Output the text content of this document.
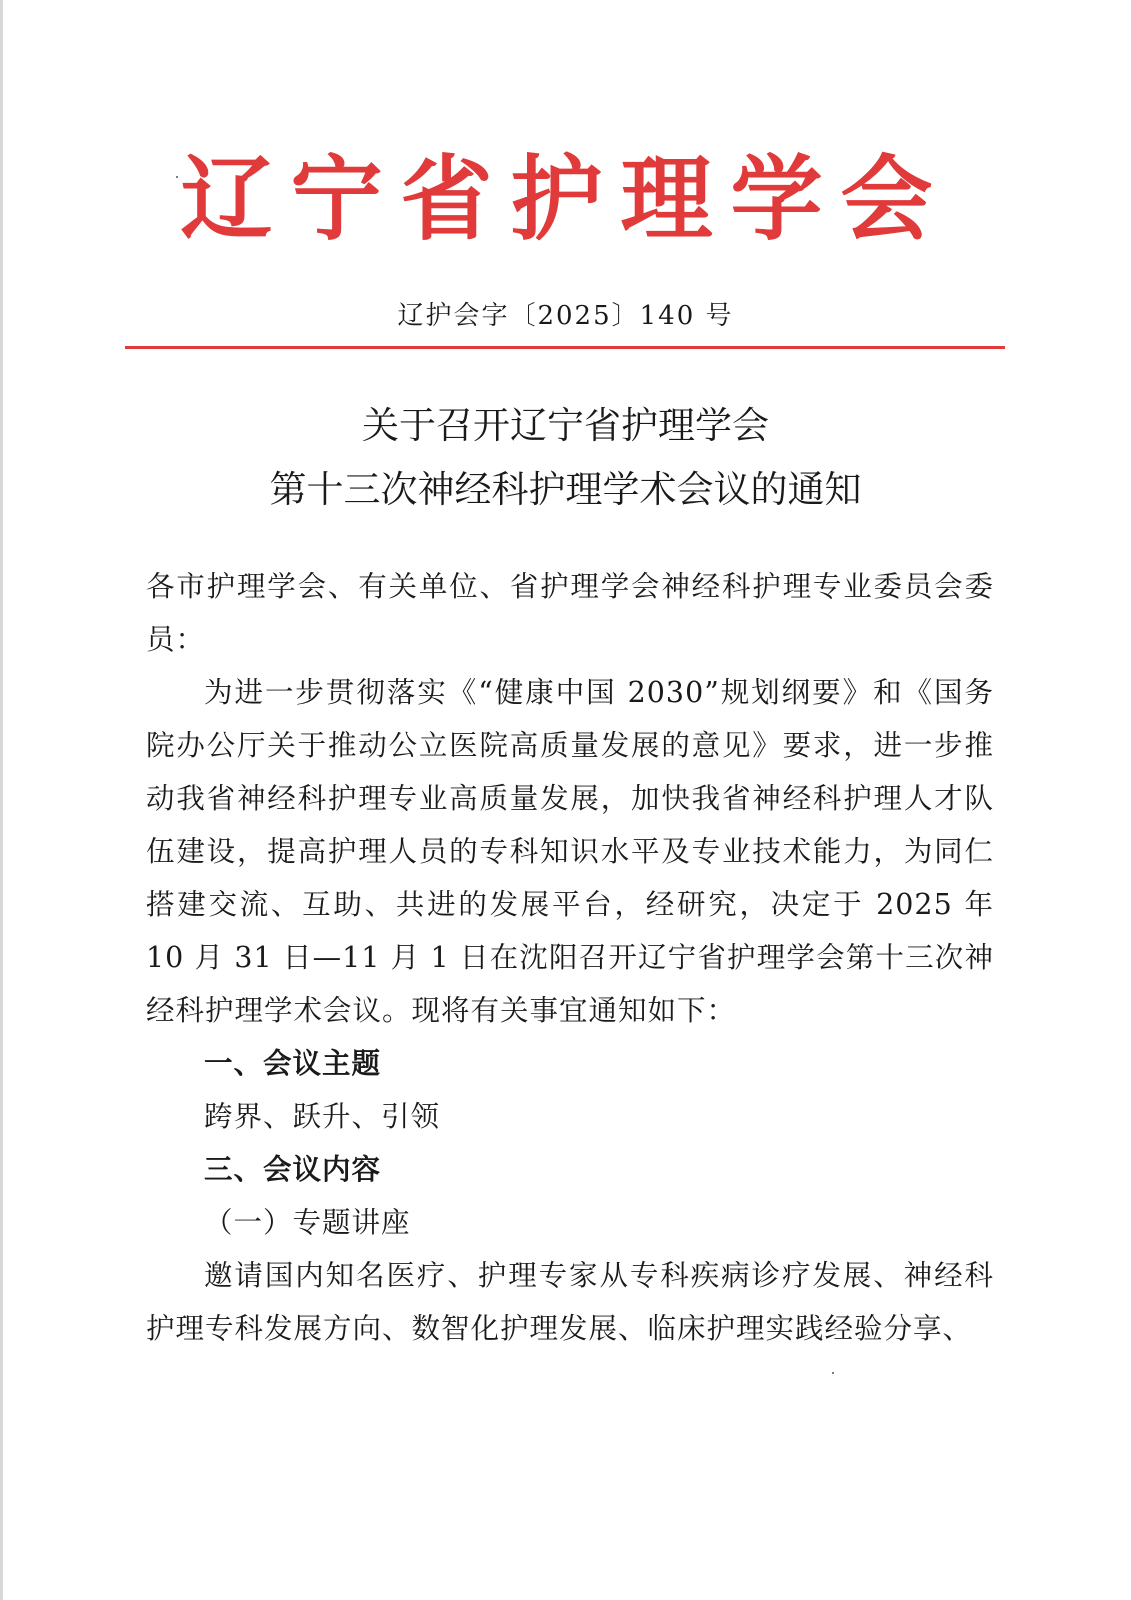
辽宁省护理学会
辽护会字〔2025〕140 号
关于召开辽宁省护理学会
第十三次神经科护理学术会议的通知

各市护理学会、有关单位、省护理学会神经科护理专业委员会委员：

为进一步贯彻落实《“健康中国 2030”规划纲要》和《国务院办公厅关于推动公立医院高质量发展的意见》要求，进一步推动我省神经科护理专业高质量发展，加快我省神经科护理人才队伍建设，提高护理人员的专科知识水平及专业技术能力，为同仁搭建交流、互助、共进的发展平台，经研究，决定于 2025 年 10 月 31 日—11 月 1 日在沈阳召开辽宁省护理学会第十三次神经科护理学术会议。现将有关事宜通知如下：

一、会议主题

跨界、跃升、引领

三、会议内容

（一）专题讲座

邀请国内知名医疗、护理专家从专科疾病诊疗发展、神经科护理专科发展方向、数智化护理发展、临床护理实践经验分享、
